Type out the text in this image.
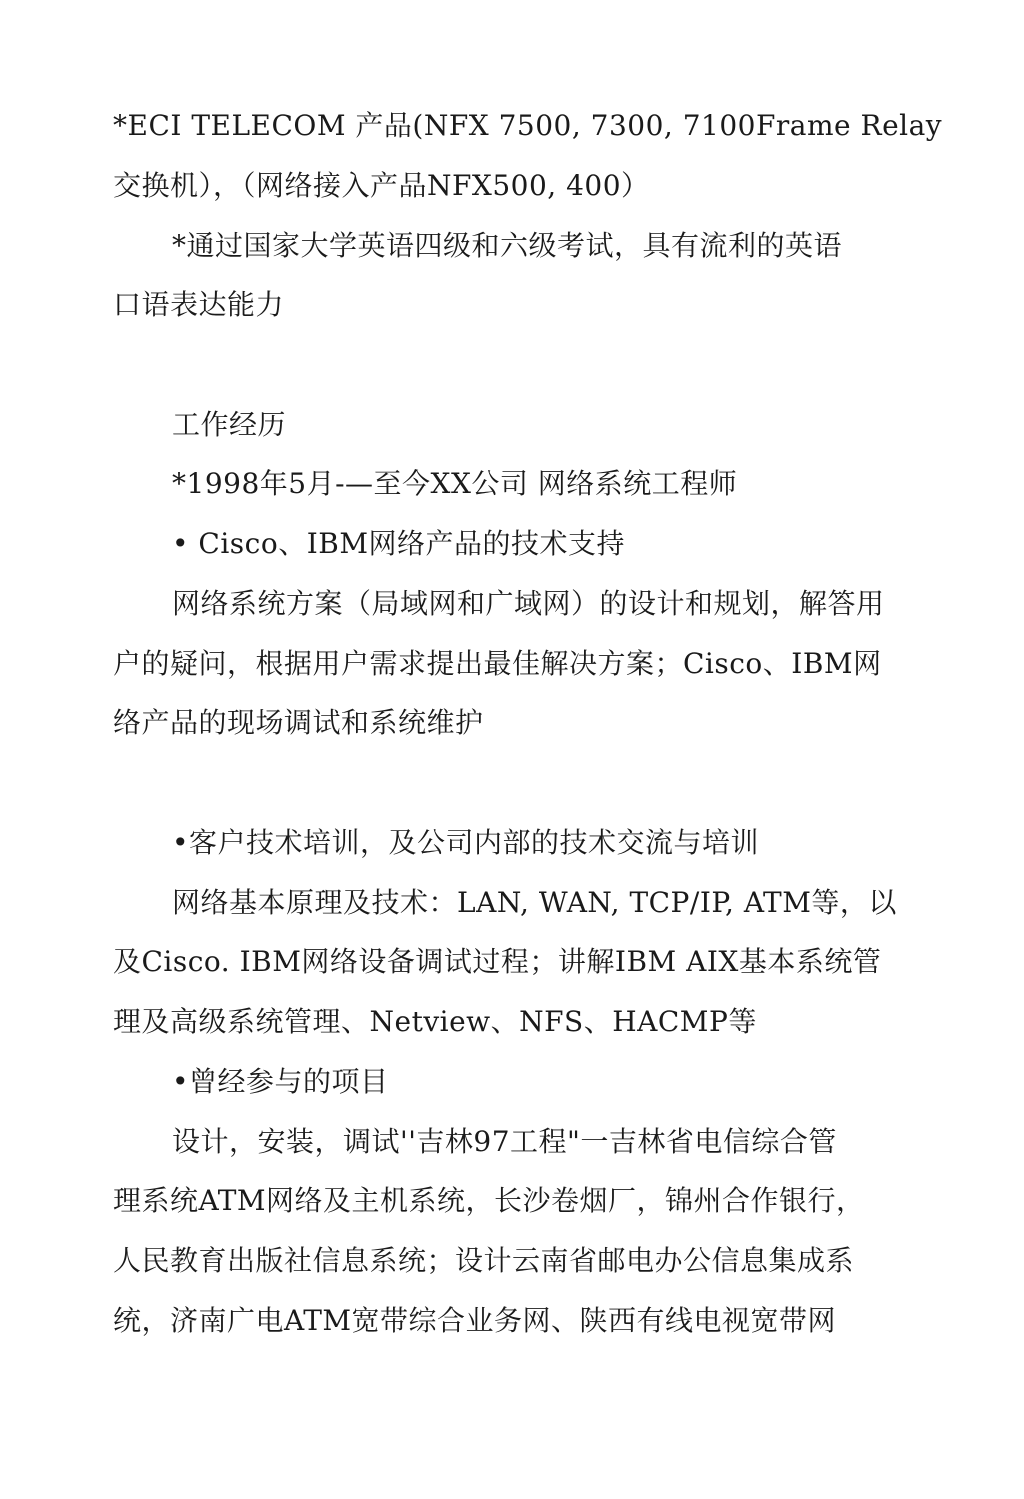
*ECI TELECOM 产品(NFX 7500, 7300, 7100Frame Relay

交换机），（网络接入产品NFX500, 400）

*通过国家大学英语四级和六级考试，具有流利的英语

口语表达能力

工作经历

*1998年5月-—至今XX公司 网络系统工程师

• Cisco、IBM网络产品的技术支持

网络系统方案（局域网和广域网）的设计和规划，解答用

户的疑问，根据用户需求提出最佳解决方案；Cisco、IBM网

络产品的现场调试和系统维护

•客户技术培训，及公司内部的技术交流与培训

网络基本原理及技术：LAN, WAN, TCP/IP, ATM等，以

及Cisco. IBM网络设备调试过程；讲解IBM AIX基本系统管

理及高级系统管理、Netview、NFS、HACMP等

•曾经参与的项目

设计，安装，调试''吉林97工程"一吉林省电信综合管

理系统ATM网络及主机系统，长沙卷烟厂，锦州合作银行，

人民教育出版社信息系统；设计云南省邮电办公信息集成系

统，济南广电ATM宽带综合业务网、陕西有线电视宽带网
